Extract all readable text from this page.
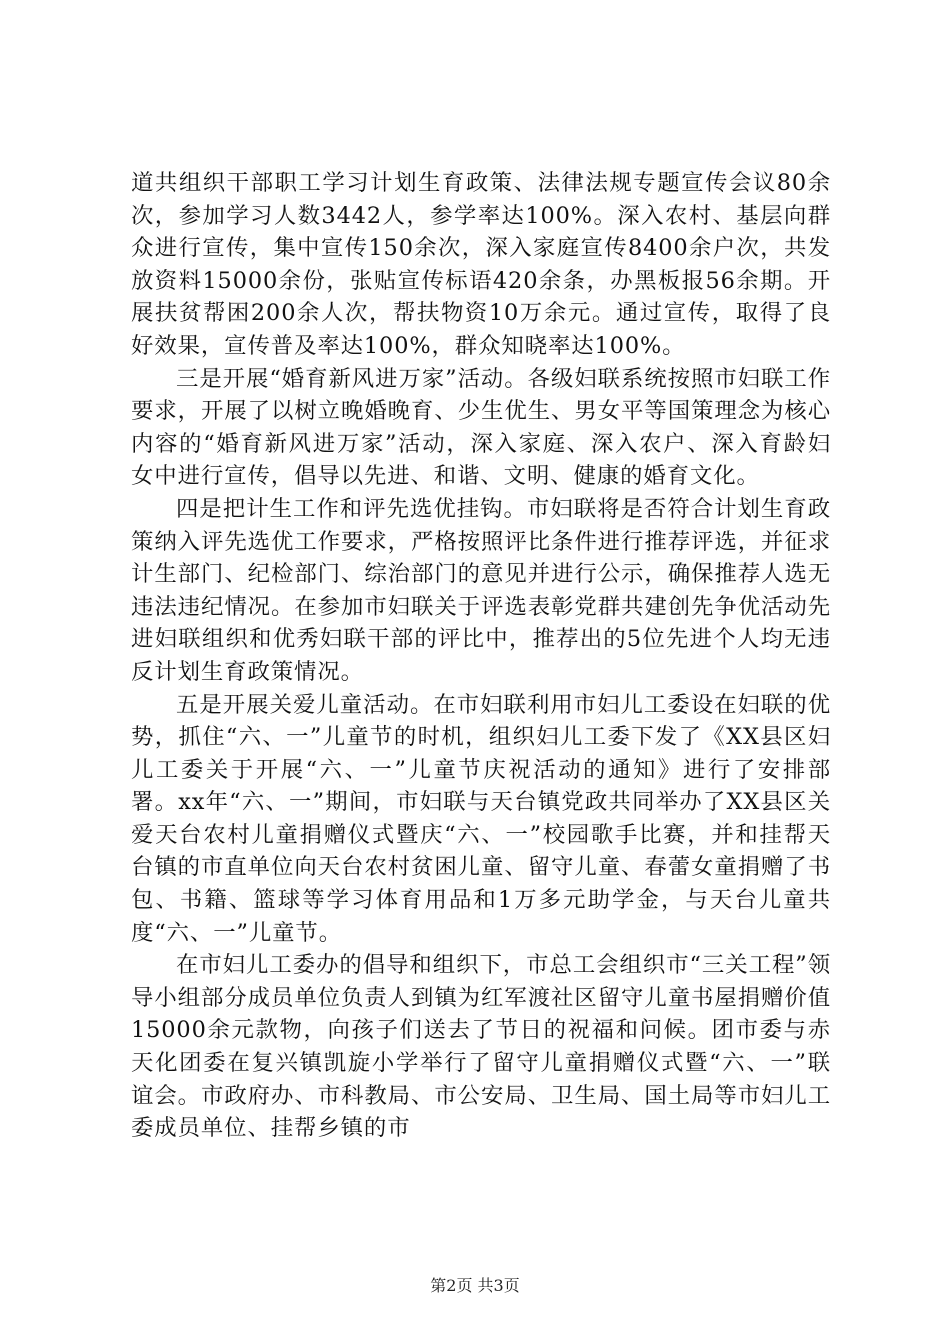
道共组织干部职工学习计划生育政策、法律法规专题宣传会议80余次，参加学习人数3442人，参学率达100%。深入农村、基层向群众进行宣传，集中宣传150余次，深入家庭宣传8400余户次，共发放资料15000余份，张贴宣传标语420余条，办黑板报56余期。开展扶贫帮困200余人次，帮扶物资10万余元。通过宣传，取得了良好效果，宣传普及率达100%，群众知晓率达100%。

三是开展“婚育新风进万家”活动。各级妇联系统按照市妇联工作要求，开展了以树立晚婚晚育、少生优生、男女平等国策理念为核心内容的“婚育新风进万家”活动，深入家庭、深入农户、深入育龄妇女中进行宣传，倡导以先进、和谐、文明、健康的婚育文化。

四是把计生工作和评先选优挂钩。市妇联将是否符合计划生育政策纳入评先选优工作要求，严格按照评比条件进行推荐评选，并征求计生部门、纪检部门、综治部门的意见并进行公示，确保推荐人选无违法违纪情况。在参加市妇联关于评选表彰党群共建创先争优活动先进妇联组织和优秀妇联干部的评比中，推荐出的5位先进个人均无违反计划生育政策情况。

五是开展关爱儿童活动。在市妇联利用市妇儿工委设在妇联的优势，抓住“六、一”儿童节的时机，组织妇儿工委下发了《XX县区妇儿工委关于开展“六、一”儿童节庆祝活动的通知》进行了安排部署。xx年“六、一”期间，市妇联与天台镇党政共同举办了XX县区关爱天台农村儿童捐赠仪式暨庆“六、一”校园歌手比赛，并和挂帮天台镇的市直单位向天台农村贫困儿童、留守儿童、春蕾女童捐赠了书包、书籍、篮球等学习体育用品和1万多元助学金，与天台儿童共度“六、一”儿童节。

在市妇儿工委办的倡导和组织下，市总工会组织市“三关工程”领导小组部分成员单位负责人到镇为红军渡社区留守儿童书屋捐赠价值15000余元款物，向孩子们送去了节日的祝福和问候。团市委与赤天化团委在复兴镇凯旋小学举行了留守儿童捐赠仪式暨“六、一”联谊会。市政府办、市科教局、市公安局、卫生局、国土局等市妇儿工委成员单位、挂帮乡镇的市

第2页 共3页
